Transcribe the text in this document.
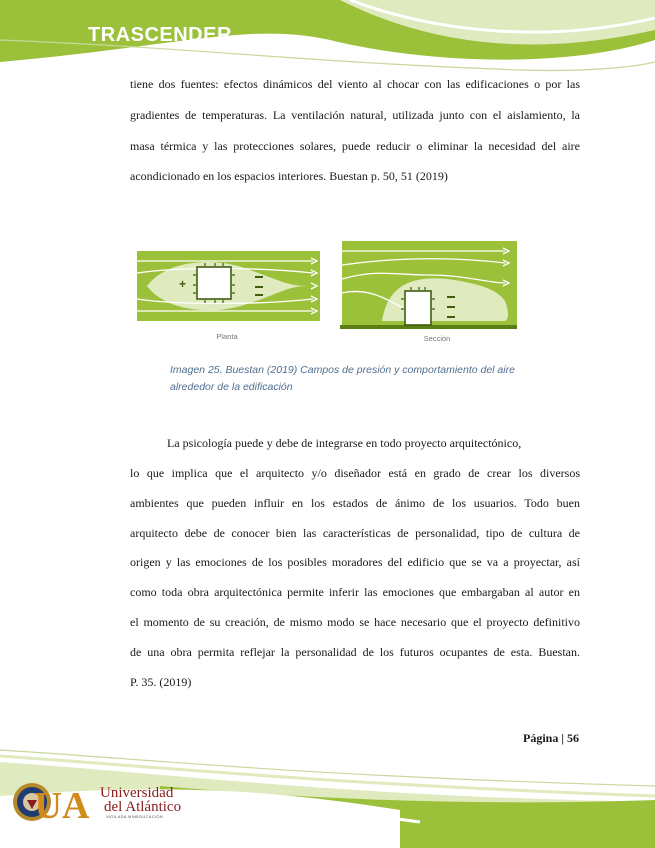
TRASCENDER
tiene dos fuentes: efectos dinámicos del viento al chocar con las edificaciones o por las
gradientes de temperaturas. La ventilación natural, utilizada junto con el aislamiento, la
masa térmica y las protecciones solares, puede reducir o eliminar la necesidad del aire
acondicionado en los espacios interiores. Buestan p. 50, 51 (2019)
+
Planta	Sección
Imagen 25. Buestan (2019) Campos de presión y comportamiento del aire
alrededor de la edificación
La psicología puede y debe de integrarse en todo proyecto arquitectónico,
lo que implica que el arquitecto y/o diseñador está en grado de crear los diversos
ambientes que pueden influir en los estados de ánimo de los usuarios. Todo buen
arquitecto debe de conocer bien las características de personalidad, tipo de cultura de
origen y las emociones de los posibles moradores del edificio que se va a proyectar, así
como toda obra arquitectónica permite inferir las emociones que embargaban al autor en
el momento de su creación, de mismo modo se hace necesario que el proyecto definitivo
de una obra permita reflejar la personalidad de los futuros ocupantes de esta. Buestan.
P. 35. (2019)
Página | 56
UA Universidad
del Atlántico
VIGILADA MINEDUCACIÓN
